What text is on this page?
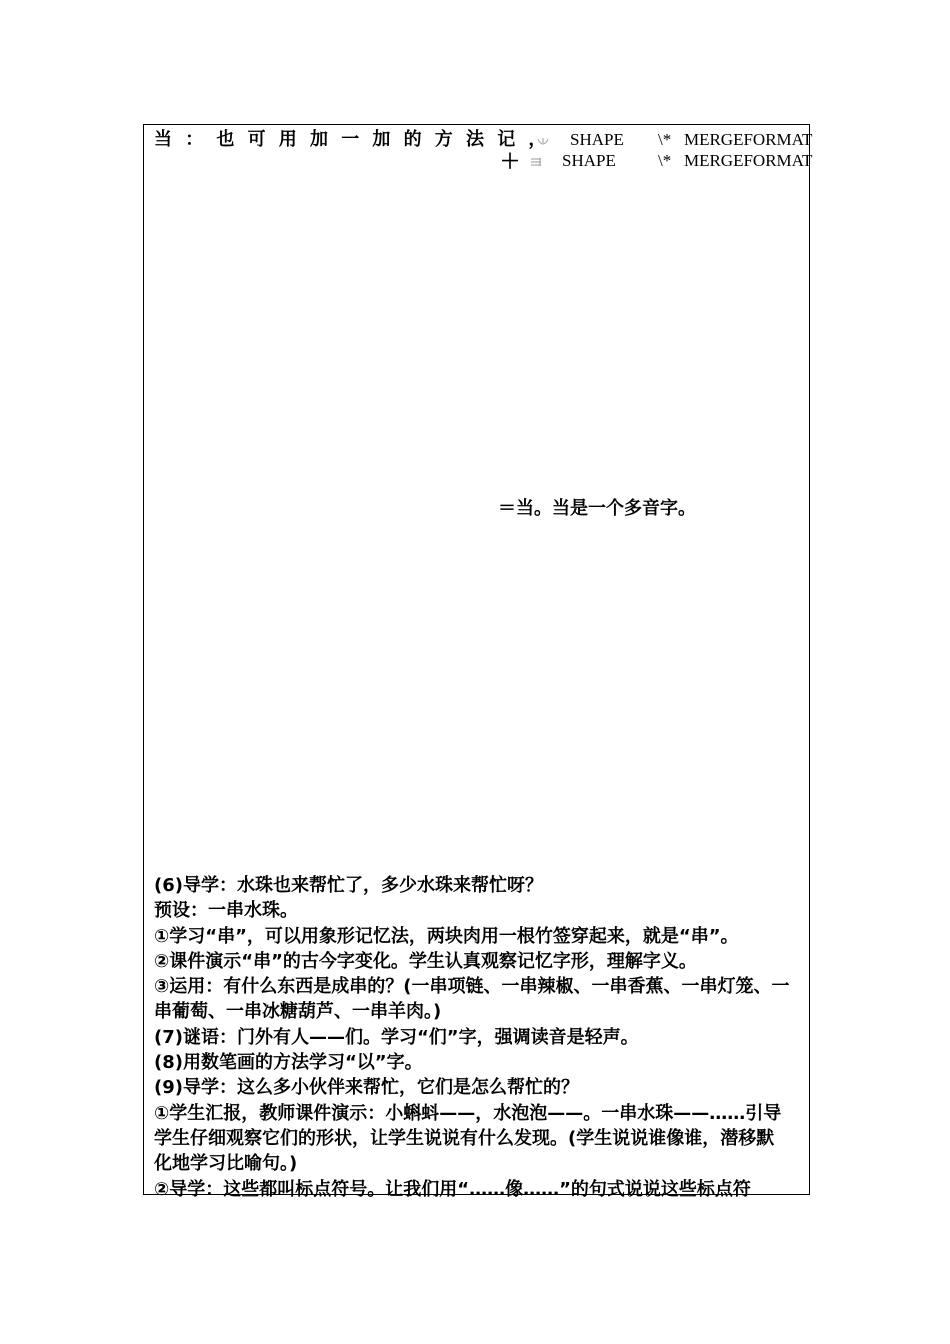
当：也可用加一加的方法记， SHAPE \*   MERGEFORMAT
＋ SHAPE \*   MERGEFORMAT
＝当。当是一个多音字。
(6)导学：水珠也来帮忙了，多少水珠来帮忙呀？
预设：一串水珠。
①学习“串”，可以用象形记忆法，两块肉用一根竹签穿起来，就是“串”。
②课件演示“串”的古今字变化。学生认真观察记忆字形，理解字义。
③运用：有什么东西是成串的？(一串项链、一串辣椒、一串香蕉、一串灯笼、一
串葡萄、一串冰糖葫芦、一串羊肉。)
(7)谜语：门外有人——们。学习“们”字，强调读音是轻声。
(8)用数笔画的方法学习“以”字。
(9)导学：这么多小伙伴来帮忙，它们是怎么帮忙的？
①学生汇报，教师课件演示：小蝌蚪——，水泡泡——。一串水珠——……引导
学生仔细观察它们的形状，让学生说说有什么发现。(学生说说谁像谁，潜移默
化地学习比喻句。)
②导学：这些都叫标点符号。让我们用“……像……”的句式说说这些标点符
